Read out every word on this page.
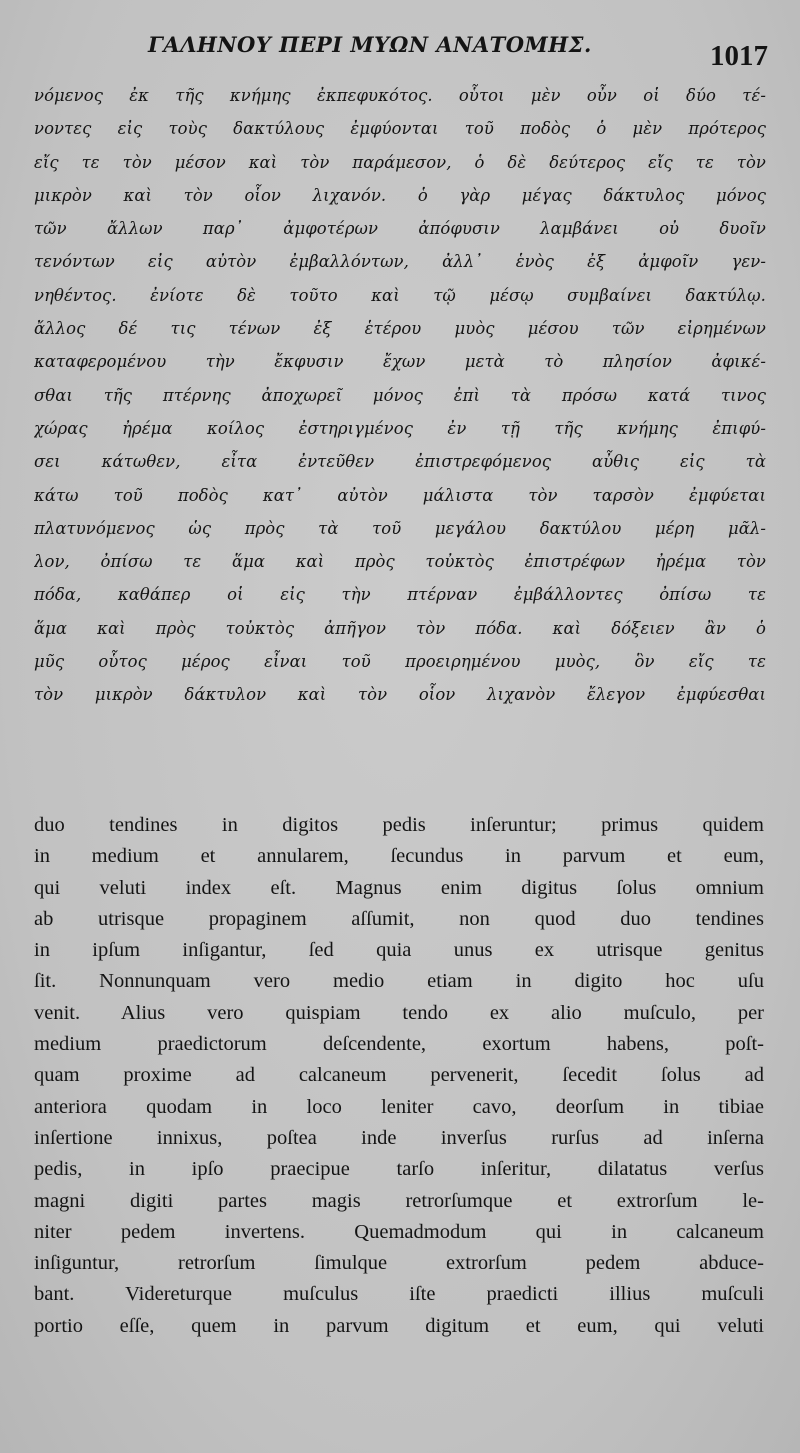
ΓΑΛΗΝΟΥ ΠΕΡΙ ΜΥΩΝ ΑΝΑΤΟΜΗΣ.	1017
νόμενος ἐκ τῆς κνήμης ἐκπεφυκότος. οὗτοι μὲν οὖν οἱ δύο τέ-
νοντες εἰς τοὺς δακτύλους ἐμφύονται τοῦ ποδὸς ὁ μὲν πρότερος
εἴς τε τὸν μέσον καὶ τὸν παράμεσον, ὁ δὲ δεύτερος εἴς τε τὸν
μικρὸν καὶ τὸν οἷον λιχανόν. ὁ γὰρ μέγας δάκτυλος μόνος
τῶν ἄλλων παρ᾽ ἀμφοτέρων ἀπόφυσιν λαμβάνει οὐ δυοῖν
τενόντων εἰς αὐτὸν ἐμβαλλόντων, ἀλλ᾽ ἑνὸς ἐξ ἀμφοῖν γεν-
νηθέντος. ἐνίοτε δὲ τοῦτο καὶ τῷ μέσῳ συμβαίνει δακτύλῳ.
ἄλλος δέ τις τένων ἐξ ἑτέρου μυὸς μέσου τῶν εἰρημένων
καταφερομένου τὴν ἔκφυσιν ἔχων μετὰ τὸ πλησίον ἀφικέ-
σθαι τῆς πτέρνης ἀποχωρεῖ μόνος ἐπὶ τὰ πρόσω κατά τινος
χώρας ἠρέμα κοίλος ἐστηριγμένος ἐν τῇ τῆς κνήμης ἐπιφύ-
σει κάτωθεν, εἶτα ἐντεῦθεν ἐπιστρεφόμενος αὖθις εἰς τὰ
κάτω τοῦ ποδὸς κατ᾽ αὐτὸν μάλιστα τὸν ταρσὸν ἐμφύεται
πλατυνόμενος ὡς πρὸς τὰ τοῦ μεγάλου δακτύλου μέρη μᾶλ-
λον, ὀπίσω τε ἅμα καὶ πρὸς τοὐκτὸς ἐπιστρέφων ἠρέμα τὸν
πόδα, καθάπερ οἱ εἰς τὴν πτέρναν ἐμβάλλοντες ὀπίσω τε
ἅμα καὶ πρὸς τοὐκτὸς ἀπῆγον τὸν πόδα. καὶ δόξειεν ἂν ὁ
μῦς οὗτος μέρος εἶναι τοῦ προειρημένου μυὸς, ὃν εἴς τε
τὸν μικρὸν δάκτυλον καὶ τὸν οἷον λιχανὸν ἔλεγον ἐμφύεσθαι
duo tendines in digitos pedis inſeruntur; primus quidem
in medium et annularem, ſecundus in parvum et eum,
qui veluti index eſt. Magnus enim digitus ſolus omnium
ab utrisque propaginem aſſumit, non quod duo tendines
in ipſum inſigantur, ſed quia unus ex utrisque genitus
ſit. Nonnunquam vero medio etiam in digito hoc uſu
venit. Alius vero quispiam tendo ex alio muſculo, per
medium praedictorum deſcendente, exortum habens, poſt-
quam proxime ad calcaneum pervenerit, ſecedit ſolus ad
anteriora quodam in loco leniter cavo, deorſum in tibiae
inſertione innixus, poſtea inde inverſus rurſus ad inſerna
pedis, in ipſo praecipue tarſo inſeritur, dilatatus verſus
magni digiti partes magis retrorſumque et extrorſum le-
niter pedem invertens. Quemadmodum qui in calcaneum
inſiguntur, retrorſum ſimulque extrorſum pedem abduce-
bant. Videreturque muſculus iſte praedicti illius muſculi
portio eſſe, quem in parvum digitum et eum, qui veluti
